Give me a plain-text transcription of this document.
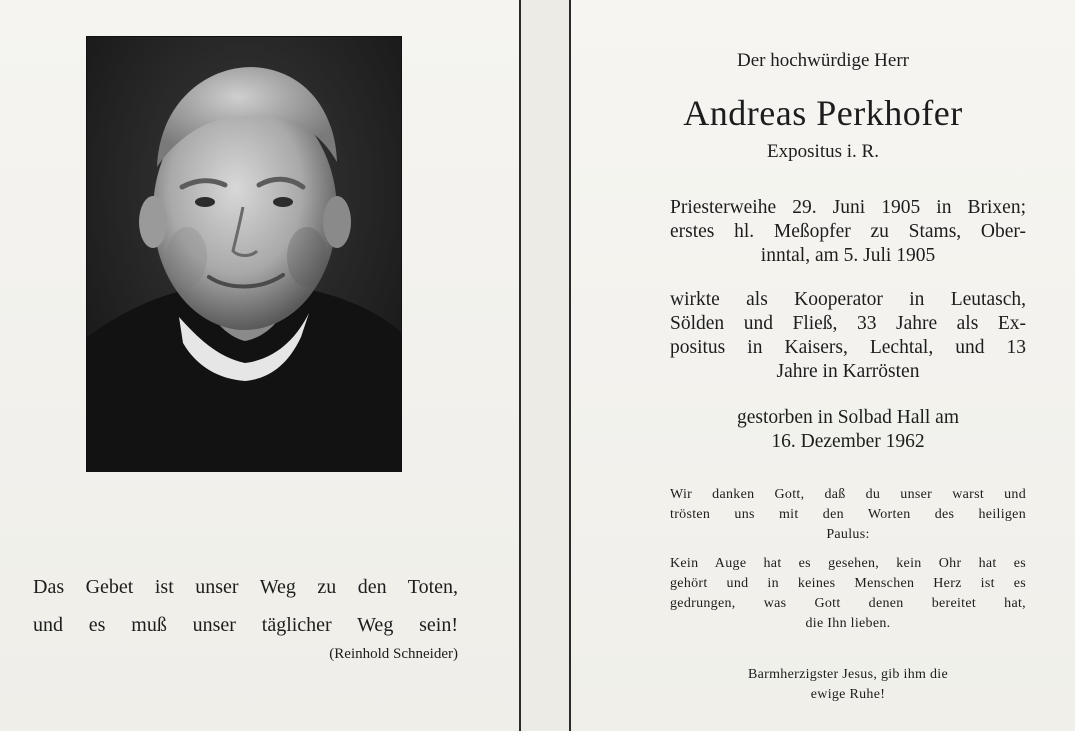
Das Gebet ist unser Weg zu den Toten,
und es muß unser täglicher Weg sein!
(Reinhold Schneider)
Der hochwürdige Herr
Andreas Perkhofer
Expositus i. R.
Priesterweihe 29. Juni 1905 in Brixen;
erstes hl. Meßopfer zu Stams, Ober-
inntal, am 5. Juli 1905
wirkte als Kooperator in Leutasch,
Sölden und Fließ, 33 Jahre als Ex-
positus in Kaisers, Lechtal, und 13
Jahre in Karrösten
gestorben in Solbad Hall am
16. Dezember 1962
Wir danken Gott, daß du unser warst und
trösten uns mit den Worten des heiligen
Paulus:
Kein Auge hat es gesehen, kein Ohr hat es
gehört und in keines Menschen Herz ist es
gedrungen, was Gott denen bereitet hat,
die Ihn lieben.
Barmherzigster Jesus, gib ihm die
ewige Ruhe!
